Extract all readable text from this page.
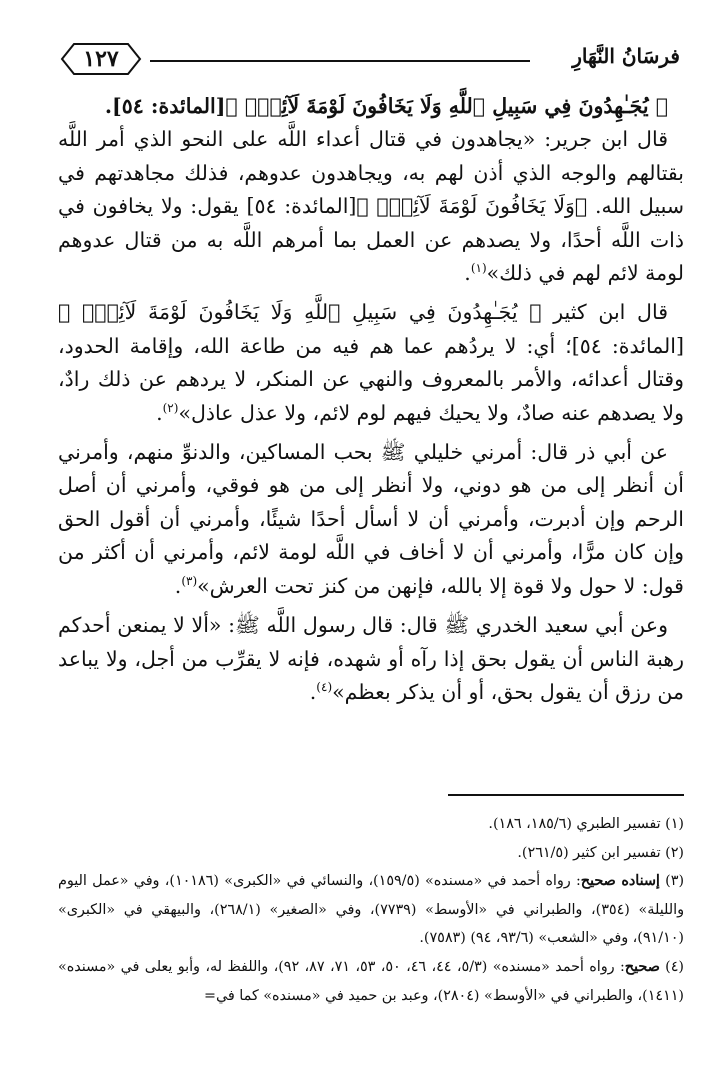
فرسَانُ النَّهَارِ
١٢٧

﴿ يُجَـٰهِدُونَ فِي سَبِيلِ ٱللَّهِ وَلَا يَخَافُونَ لَوْمَةَ لَآئِمٍۚ ﴾[المائدة: ٥٤].

قال ابن جرير: «يجاهدون في قتال أعداء اللَّه على النحو الذي أمر اللَّه بقتالهم والوجه الذي أذن لهم به، ويجاهدون عدوهم، فذلك مجاهدتهم في سبيل الله. ﴿وَلَا يَخَافُونَ لَوْمَةَ لَآئِمٍۚ ﴾[المائدة: ٥٤] يقول: ولا يخافون في ذات اللَّه أحدًا، ولا يصدهم عن العمل بما أمرهم اللَّه به من قتال عدوهم لومة لائم لهم في ذلك»$^{(١)}$.

قال ابن كثير ﴿ يُجَـٰهِدُونَ فِي سَبِيلِ ٱللَّهِ وَلَا يَخَافُونَ لَوْمَةَ لَآئِمٍۚ ﴾[المائدة: ٥٤]؛ أي: لا يردُهم عما هم فيه من طاعة الله، وإقامة الحدود، وقتال أعدائه، والأمر بالمعروف والنهي عن المنكر، لا يردهم عن ذلك رادٌ، ولا يصدهم عنه صادٌ، ولا يحيك فيهم لوم لائم، ولا عذل عاذل»$^{(٢)}$.

عن أبي ذر قال: أمرني خليلي ﷺ بحب المساكين، والدنوِّ منهم، وأمرني أن أنظر إلى من هو دوني، ولا أنظر إلى من هو فوقي، وأمرني أن أصل الرحم وإن أدبرت، وأمرني أن لا أسأل أحدًا شيئًا، وأمرني أن أقول الحق وإن كان مرًّا، وأمرني أن لا أخاف في اللَّه لومة لائم، وأمرني أن أكثر من قول: لا حول ولا قوة إلا بالله، فإنهن من كنز تحت العرش»$^{(٣)}$.

وعن أبي سعيد الخدري ﷺ قال: قال رسول اللَّه ﷺ: «ألا لا يمنعن أحدكم رهبة الناس أن يقول بحق إذا رآه أو شهده، فإنه لا يقرِّب من أجل، ولا يباعد من رزق أن يقول بحق، أو أن يذكر بعظم»$^{(٤)}$.

(١) تفسير الطبري (١٨٥/٦، ١٨٦).

(٢) تفسير ابن كثير (٢٦١/٥).

(٣) إسناده صحيح: رواه أحمد في «مسنده» (١٥٩/٥)، والنسائي في «الكبرى» (١٠١٨٦)، وفي «عمل اليوم والليلة» (٣٥٤)، والطبراني في «الأوسط» (٧٧٣٩)، وفي «الصغير» (٢٦٨/١)، والبيهقي في «الكبرى» (٩١/١٠)، وفي «الشعب» (٩٣/٦، ٩٤) (٧٥٨٣).

(٤) صحيح: رواه أحمد «مسنده» (٥/٣، ٤٤، ٤٦، ٥٠، ٥٣، ٧١، ٨٧، ٩٢)، واللفظ له، وأبو يعلى في «مسنده» (١٤١١)، والطبراني في «الأوسط» (٢٨٠٤)، وعبد بن حميد في «مسنده» كما في=
